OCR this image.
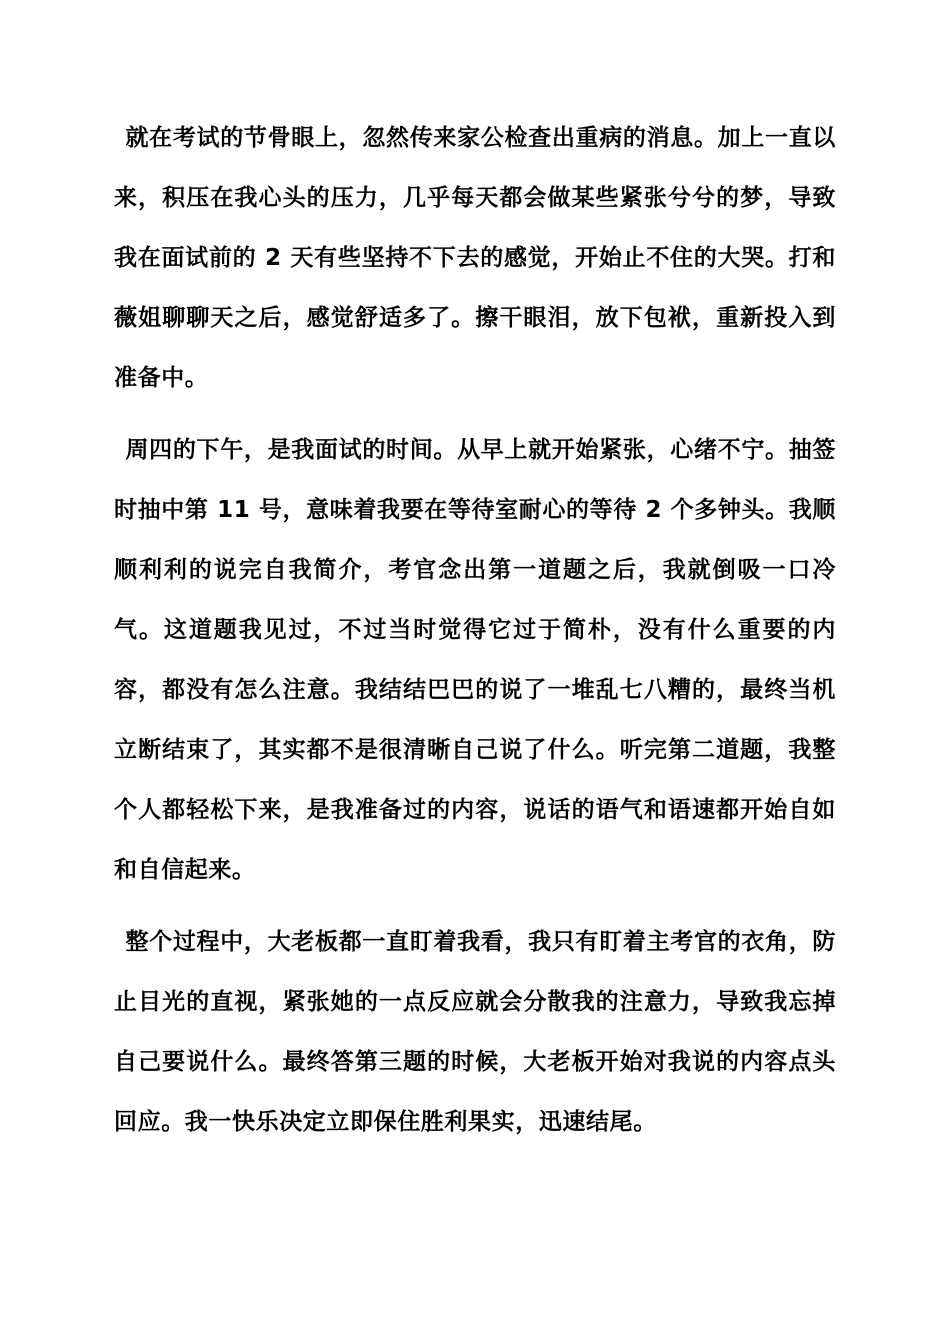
就在考试的节骨眼上，忽然传来家公检查出重病的消息。加上一直以来，积压在我心头的压力，几乎每天都会做某些紧张兮兮的梦，导致我在面试前的 2 天有些坚持不下去的感觉，开始止不住的大哭。打和薇姐聊聊天之后，感觉舒适多了。擦干眼泪，放下包袱，重新投入到准备中。

周四的下午，是我面试的时间。从早上就开始紧张，心绪不宁。抽签时抽中第 11 号，意味着我要在等待室耐心的等待 2 个多钟头。我顺顺利利的说完自我简介，考官念出第一道题之后，我就倒吸一口冷气。这道题我见过，不过当时觉得它过于简朴，没有什么重要的内容，都没有怎么注意。我结结巴巴的说了一堆乱七八糟的，最终当机立断结束了，其实都不是很清晰自己说了什么。听完第二道题，我整个人都轻松下来，是我准备过的内容，说话的语气和语速都开始自如和自信起来。

整个过程中，大老板都一直盯着我看，我只有盯着主考官的衣角，防止目光的直视，紧张她的一点反应就会分散我的注意力，导致我忘掉自己要说什么。最终答第三题的时候，大老板开始对我说的内容点头回应。我一快乐决定立即保住胜利果实，迅速结尾。
